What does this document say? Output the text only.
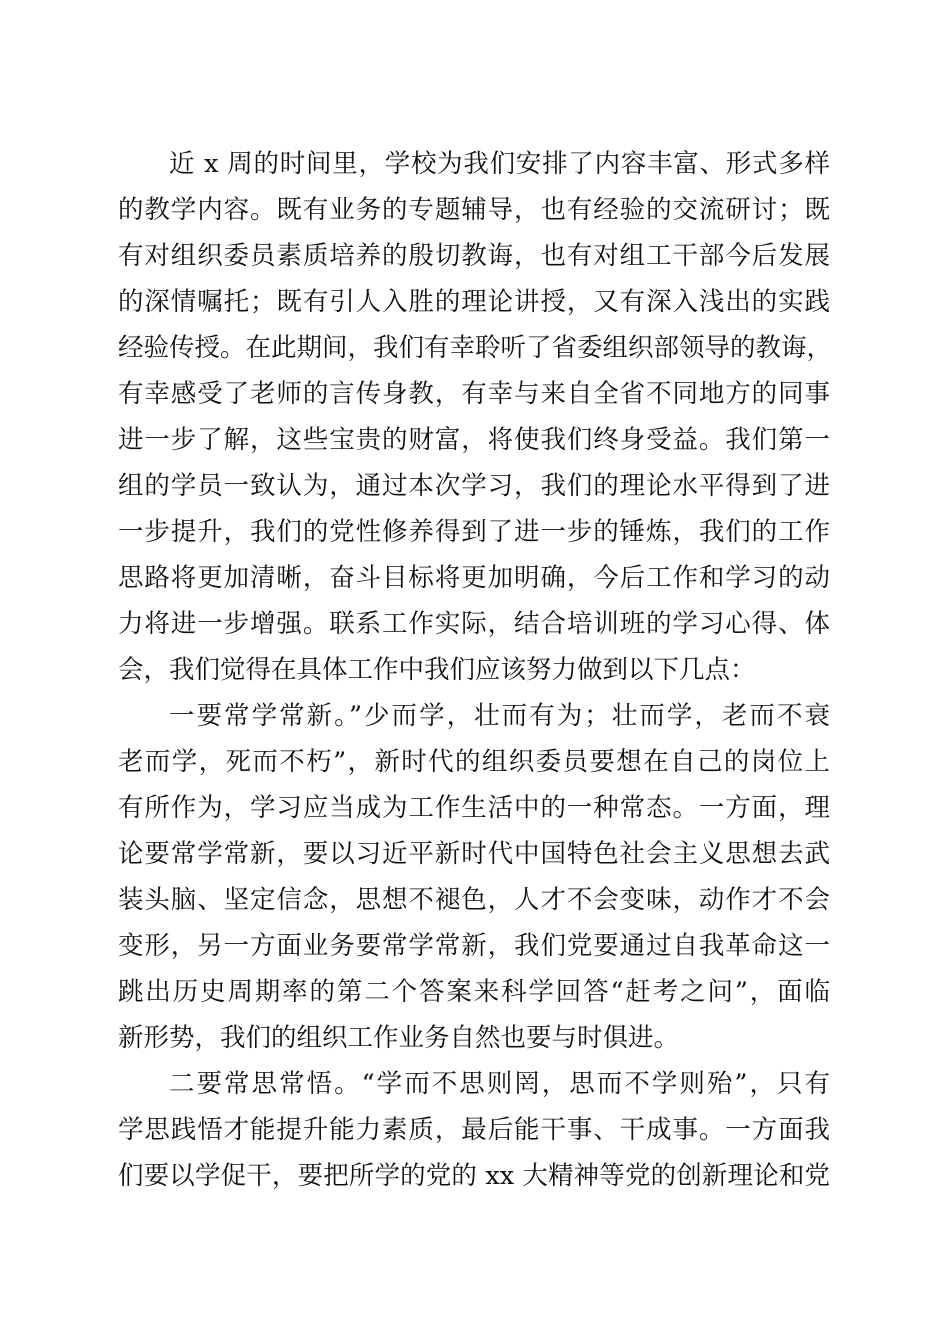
近 x 周的时间里，学校为我们安排了内容丰富、形式多样
的教学内容。既有业务的专题辅导，也有经验的交流研讨；既
有对组织委员素质培养的殷切教诲，也有对组工干部今后发展
的深情嘱托；既有引人入胜的理论讲授，又有深入浅出的实践
经验传授。在此期间，我们有幸聆听了省委组织部领导的教诲，
有幸感受了老师的言传身教，有幸与来自全省不同地方的同事
进一步了解，这些宝贵的财富，将使我们终身受益。我们第一
组的学员一致认为，通过本次学习，我们的理论水平得到了进
一步提升，我们的党性修养得到了进一步的锤炼，我们的工作
思路将更加清晰，奋斗目标将更加明确，今后工作和学习的动
力将进一步增强。联系工作实际，结合培训班的学习心得、体
会，我们觉得在具体工作中我们应该努力做到以下几点：
一要常学常新。”少而学，壮而有为；壮而学，老而不衰
老而学，死而不朽”，新时代的组织委员要想在自己的岗位上
有所作为，学习应当成为工作生活中的一种常态。一方面，理
论要常学常新，要以习近平新时代中国特色社会主义思想去武
装头脑、坚定信念，思想不褪色，人才不会变味，动作才不会
变形，另一方面业务要常学常新，我们党要通过自我革命这一
跳出历史周期率的第二个答案来科学回答“赶考之问”，面临
新形势，我们的组织工作业务自然也要与时俱进。
二要常思常悟。“学而不思则罔，思而不学则殆”，只有
学思践悟才能提升能力素质，最后能干事、干成事。一方面我
们要以学促干，要把所学的党的 xx 大精神等党的创新理论和党
